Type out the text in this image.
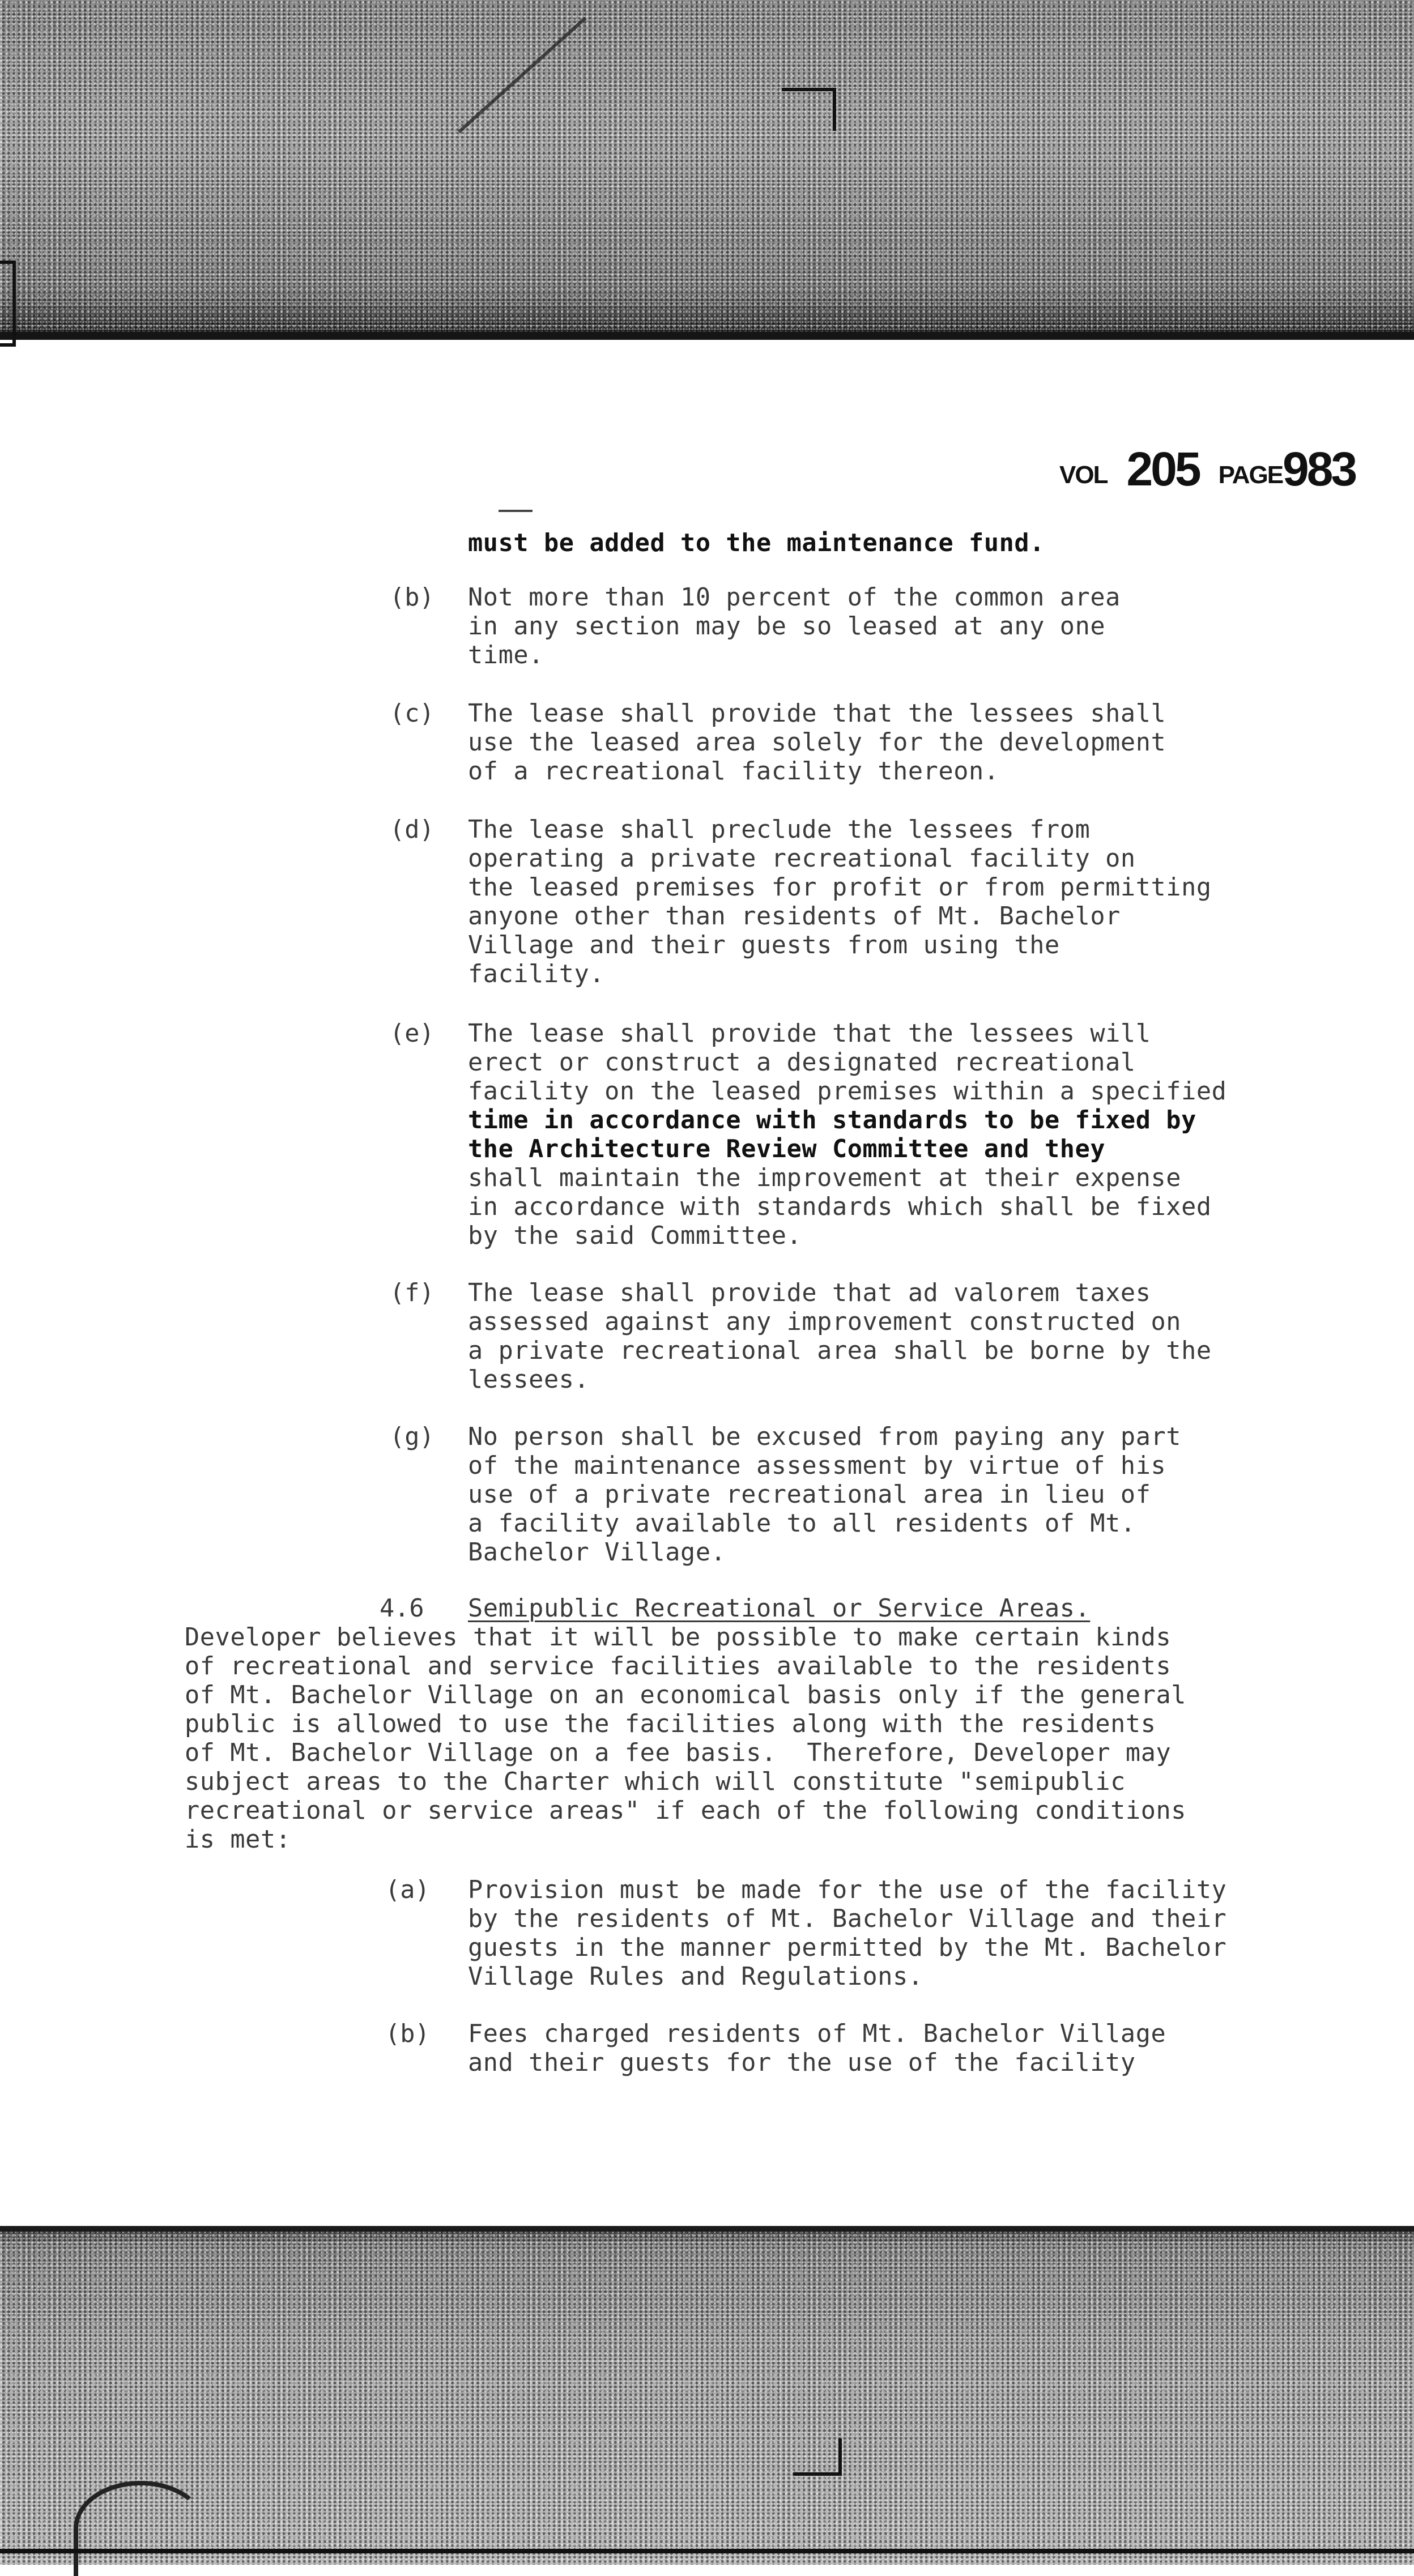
VOL 205 PAGE983
must be added to the maintenance fund.
(b) Not more than 10 percent of the common area
in any section may be so leased at any one
time.
(c) The lease shall provide that the lessees shall
use the leased area solely for the development
of a recreational facility thereon.
(d) The lease shall preclude the lessees from
operating a private recreational facility on
the leased premises for profit or from permitting
anyone other than residents of Mt. Bachelor
Village and their guests from using the
facility.
(e) The lease shall provide that the lessees will
erect or construct a designated recreational
facility on the leased premises within a specified
time in accordance with standards to be fixed by
the Architecture Review Committee and they
shall maintain the improvement at their expense
in accordance with standards which shall be fixed
by the said Committee.
(f) The lease shall provide that ad valorem taxes
assessed against any improvement constructed on
a private recreational area shall be borne by the
lessees.
(g) No person shall be excused from paying any part
of the maintenance assessment by virtue of his
use of a private recreational area in lieu of
a facility available to all residents of Mt.
Bachelor Village.
4.6 Semipublic Recreational or Service Areas.
Developer believes that it will be possible to make certain kinds
of recreational and service facilities available to the residents
of Mt. Bachelor Village on an economical basis only if the general
public is allowed to use the facilities along with the residents
of Mt. Bachelor Village on a fee basis.  Therefore, Developer may
subject areas to the Charter which will constitute "semipublic
recreational or service areas" if each of the following conditions
is met:
(a) Provision must be made for the use of the facility
by the residents of Mt. Bachelor Village and their
guests in the manner permitted by the Mt. Bachelor
Village Rules and Regulations.
(b) Fees charged residents of Mt. Bachelor Village
and their guests for the use of the facility
